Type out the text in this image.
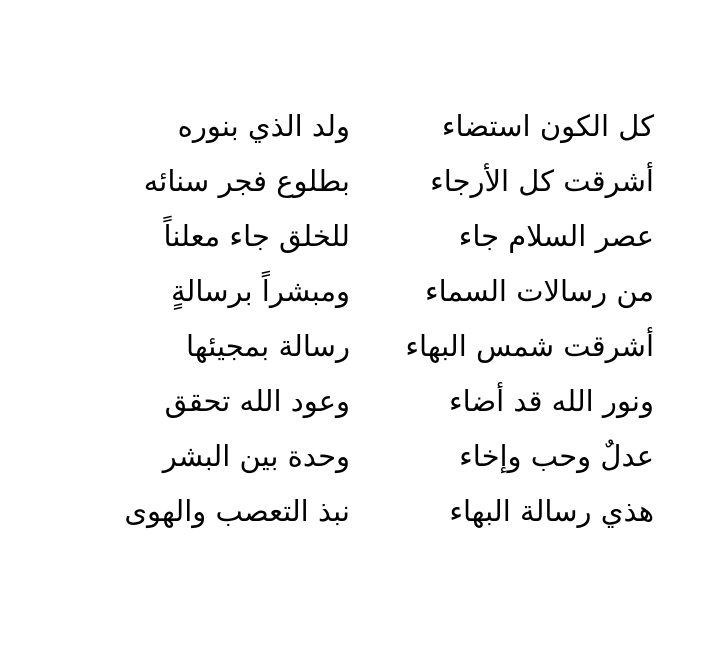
كل الكون استضاء
ولد الذي بنوره
أشرقت كل الأرجاء
بطلوع فجر سنائه
عصر السلام جاء
للخلق جاء معلناً
من رسالات السماء
ومبشراً برسالةٍ
أشرقت شمس البهاء
رسالة بمجيئها
ونور الله قد أضاء
وعود الله تحقق
عدلٌ وحب وإخاء
وحدة بين البشر
هذي رسالة البهاء
نبذ التعصب والهوى
